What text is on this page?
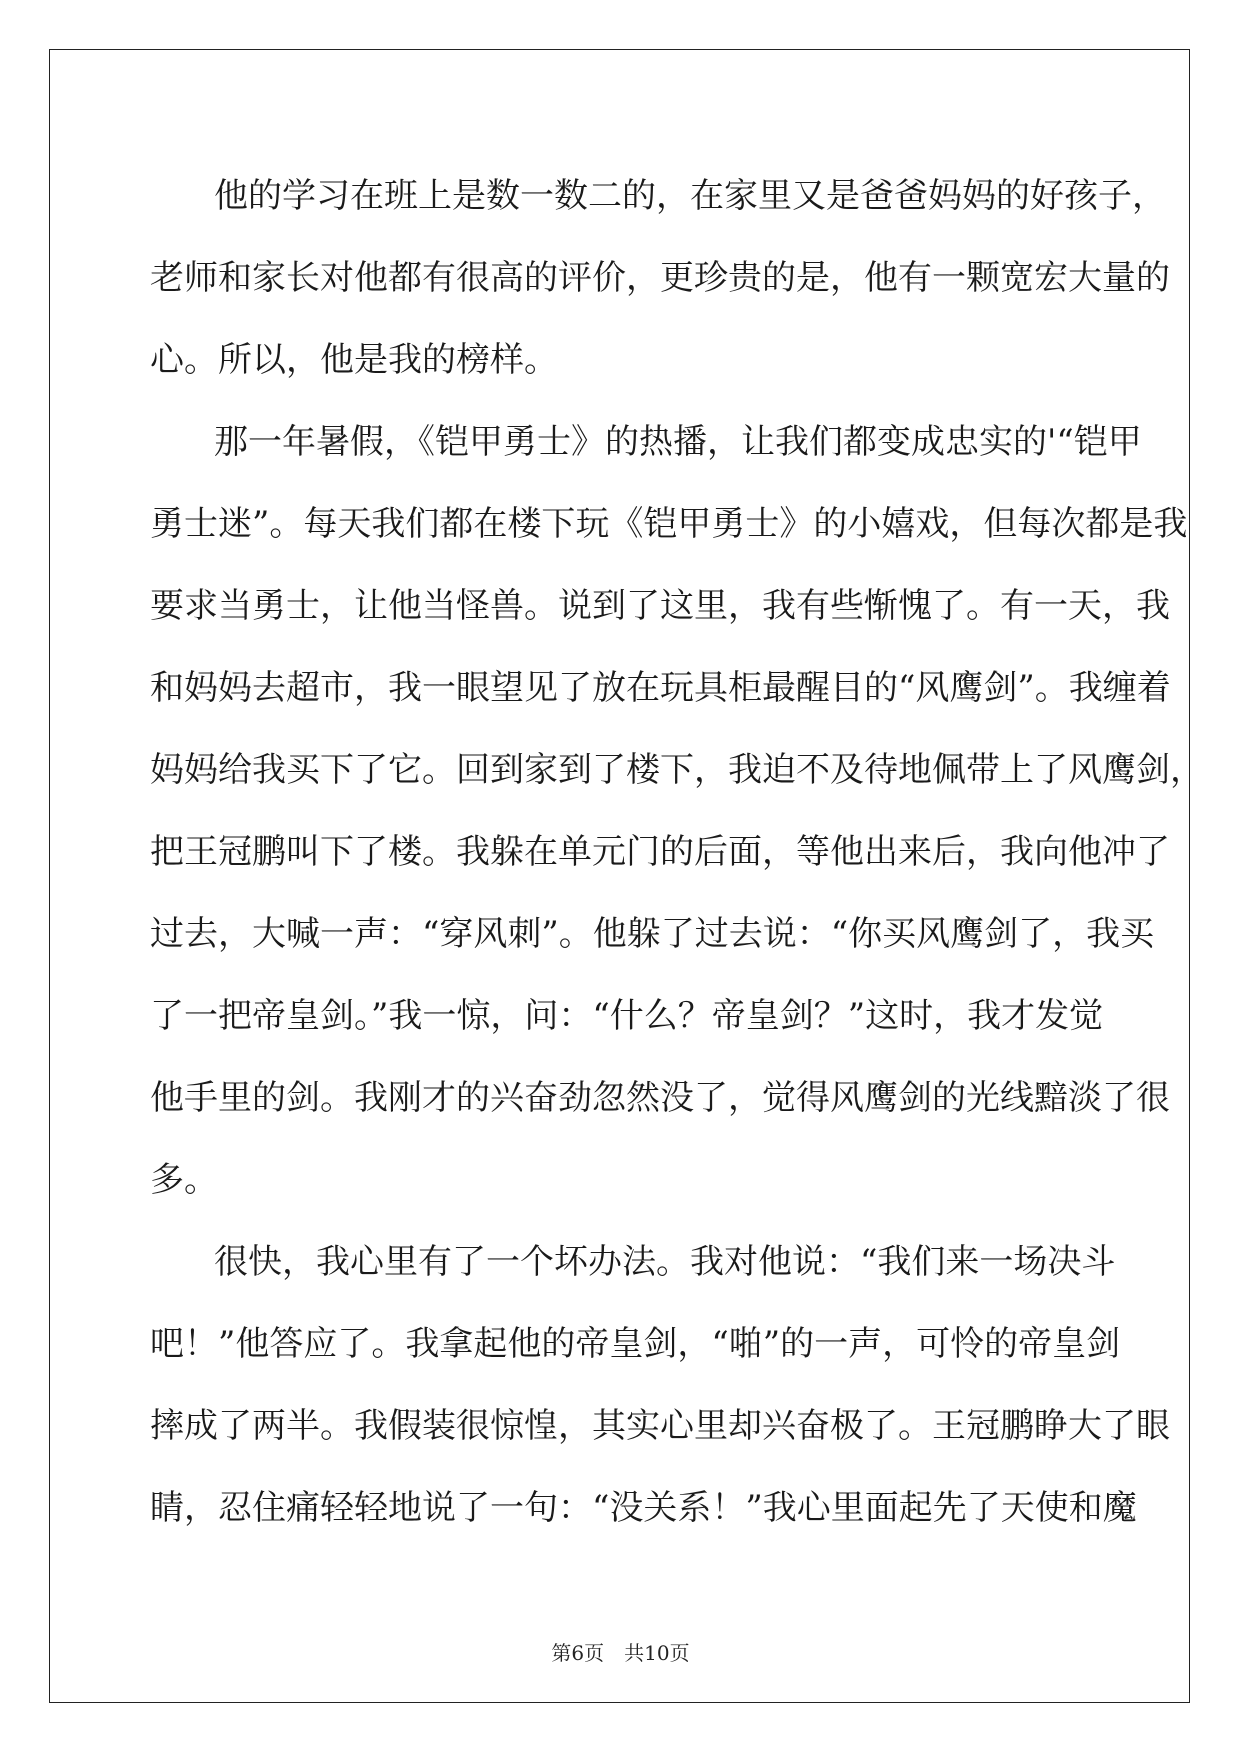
他的学习在班上是数一数二的，在家里又是爸爸妈妈的好孩子，
老师和家长对他都有很高的评价，更珍贵的是，他有一颗宽宏大量的
心。所以，他是我的榜样。

那一年暑假，《铠甲勇士》的热播，让我们都变成忠实的'“铠甲
勇士迷”。每天我们都在楼下玩《铠甲勇士》的小嬉戏，但每次都是我
要求当勇士，让他当怪兽。说到了这里，我有些惭愧了。有一天，我
和妈妈去超市，我一眼望见了放在玩具柜最醒目的“风鹰剑”。我缠着
妈妈给我买下了它。回到家到了楼下，我迫不及待地佩带上了风鹰剑，
把王冠鹏叫下了楼。我躲在单元门的后面，等他出来后，我向他冲了
过去，大喊一声：“穿风刺”。他躲了过去说：“你买风鹰剑了，我买
了一把帝皇剑。”我一惊，问：“什么？帝皇剑？”这时，我才发觉
他手里的剑。我刚才的兴奋劲忽然没了，觉得风鹰剑的光线黯淡了很
多。

很快，我心里有了一个坏办法。我对他说：“我们来一场决斗
吧！”他答应了。我拿起他的帝皇剑，“啪”的一声，可怜的帝皇剑
摔成了两半。我假装很惊惶，其实心里却兴奋极了。王冠鹏睁大了眼
睛，忍住痛轻轻地说了一句：“没关系！”我心里面起先了天使和魔

第6页　共10页
